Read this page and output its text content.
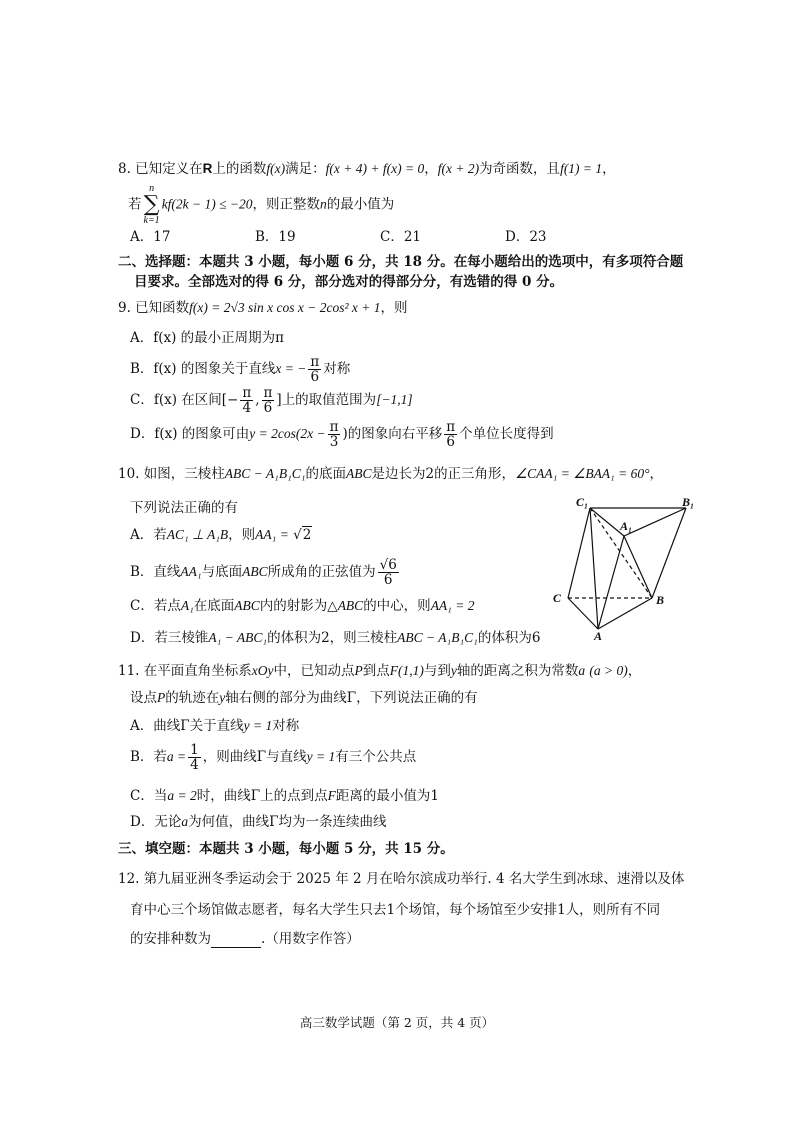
8. 已知定义在R上的函数f(x)满足：f(x + 4) + f(x) = 0，f(x + 2)为奇函数，且f(1) = 1，
若n
∑
k=1kf(2k − 1) ≤ −20，则正整数n的最小值为
A．17	B．19	C．21	D．23
二、选择题：本题共 3 小题，每小题 6 分，共 18 分。在每小题给出的选项中，有多项符合题
目要求。全部选对的得 6 分，部分选对的得部分分，有选错的得 0 分。
9. 已知函数f(x) = 2√3 sin x cos x − 2cos² x + 1，则
A．f(x) 的最小正周期为π
B．f(x) 的图象关于直线x = − $\frac{\pi}{6}$ 对称
C．f(x) 在区间[− $\frac{\pi}{4}$ , $\frac{\pi}{6}$ ]上的取值范围为[−1,1]
D．f(x) 的图象可由$y = 2\cos(2x - \frac{\pi}{3}$ )的图象向右平移 $\frac{\pi}{6}$ 个单位长度得到
10. 如图，三棱柱ABC − A₁B₁C₁的底面ABC是边长为2的正三角形，∠CAA₁ = ∠BAA₁ = 60°，
下列说法正确的有
A．若AC₁ ⊥ A₁B，则AA₁ = √2
B．直线AA₁与底面ABC所成角的正弦值为 $\frac{√6}{6}$
C．若点A₁在底面ABC内的射影为△ABC的中心，则AA₁ = 2
D．若三棱锥A₁ − ABC₁的体积为2，则三棱柱ABC − A₁B₁C₁的体积为6
C₁
A₁
B₁
C	B
A
11. 在平面直角坐标系xOy中，已知动点P到点F(1,1)与到y轴的距离之积为常数a (a > 0)，
设点P的轨迹在y轴右侧的部分为曲线Γ，下列说法正确的有
A．曲线Γ关于直线y = 1对称
B．若$a = \frac{1}{4}$ ，则曲线Γ与直线y = 1有三个公共点
C．当a = 2时，曲线Γ上的点到点F距离的最小值为1
D．无论a为何值，曲线Γ均为一条连续曲线
三、填空题：本题共 3 小题，每小题 5 分，共 15 分。
12. 第九届亚洲冬季运动会于 2025 年 2 月在哈尔滨成功举行. 4 名大学生到冰球、速滑以及体
育中心三个场馆做志愿者，每名大学生只去1个场馆，每个场馆至少安排1人，则所有不同
的安排种数为	.（用数字作答）
高三数学试题（第 2 页，共 4 页）
